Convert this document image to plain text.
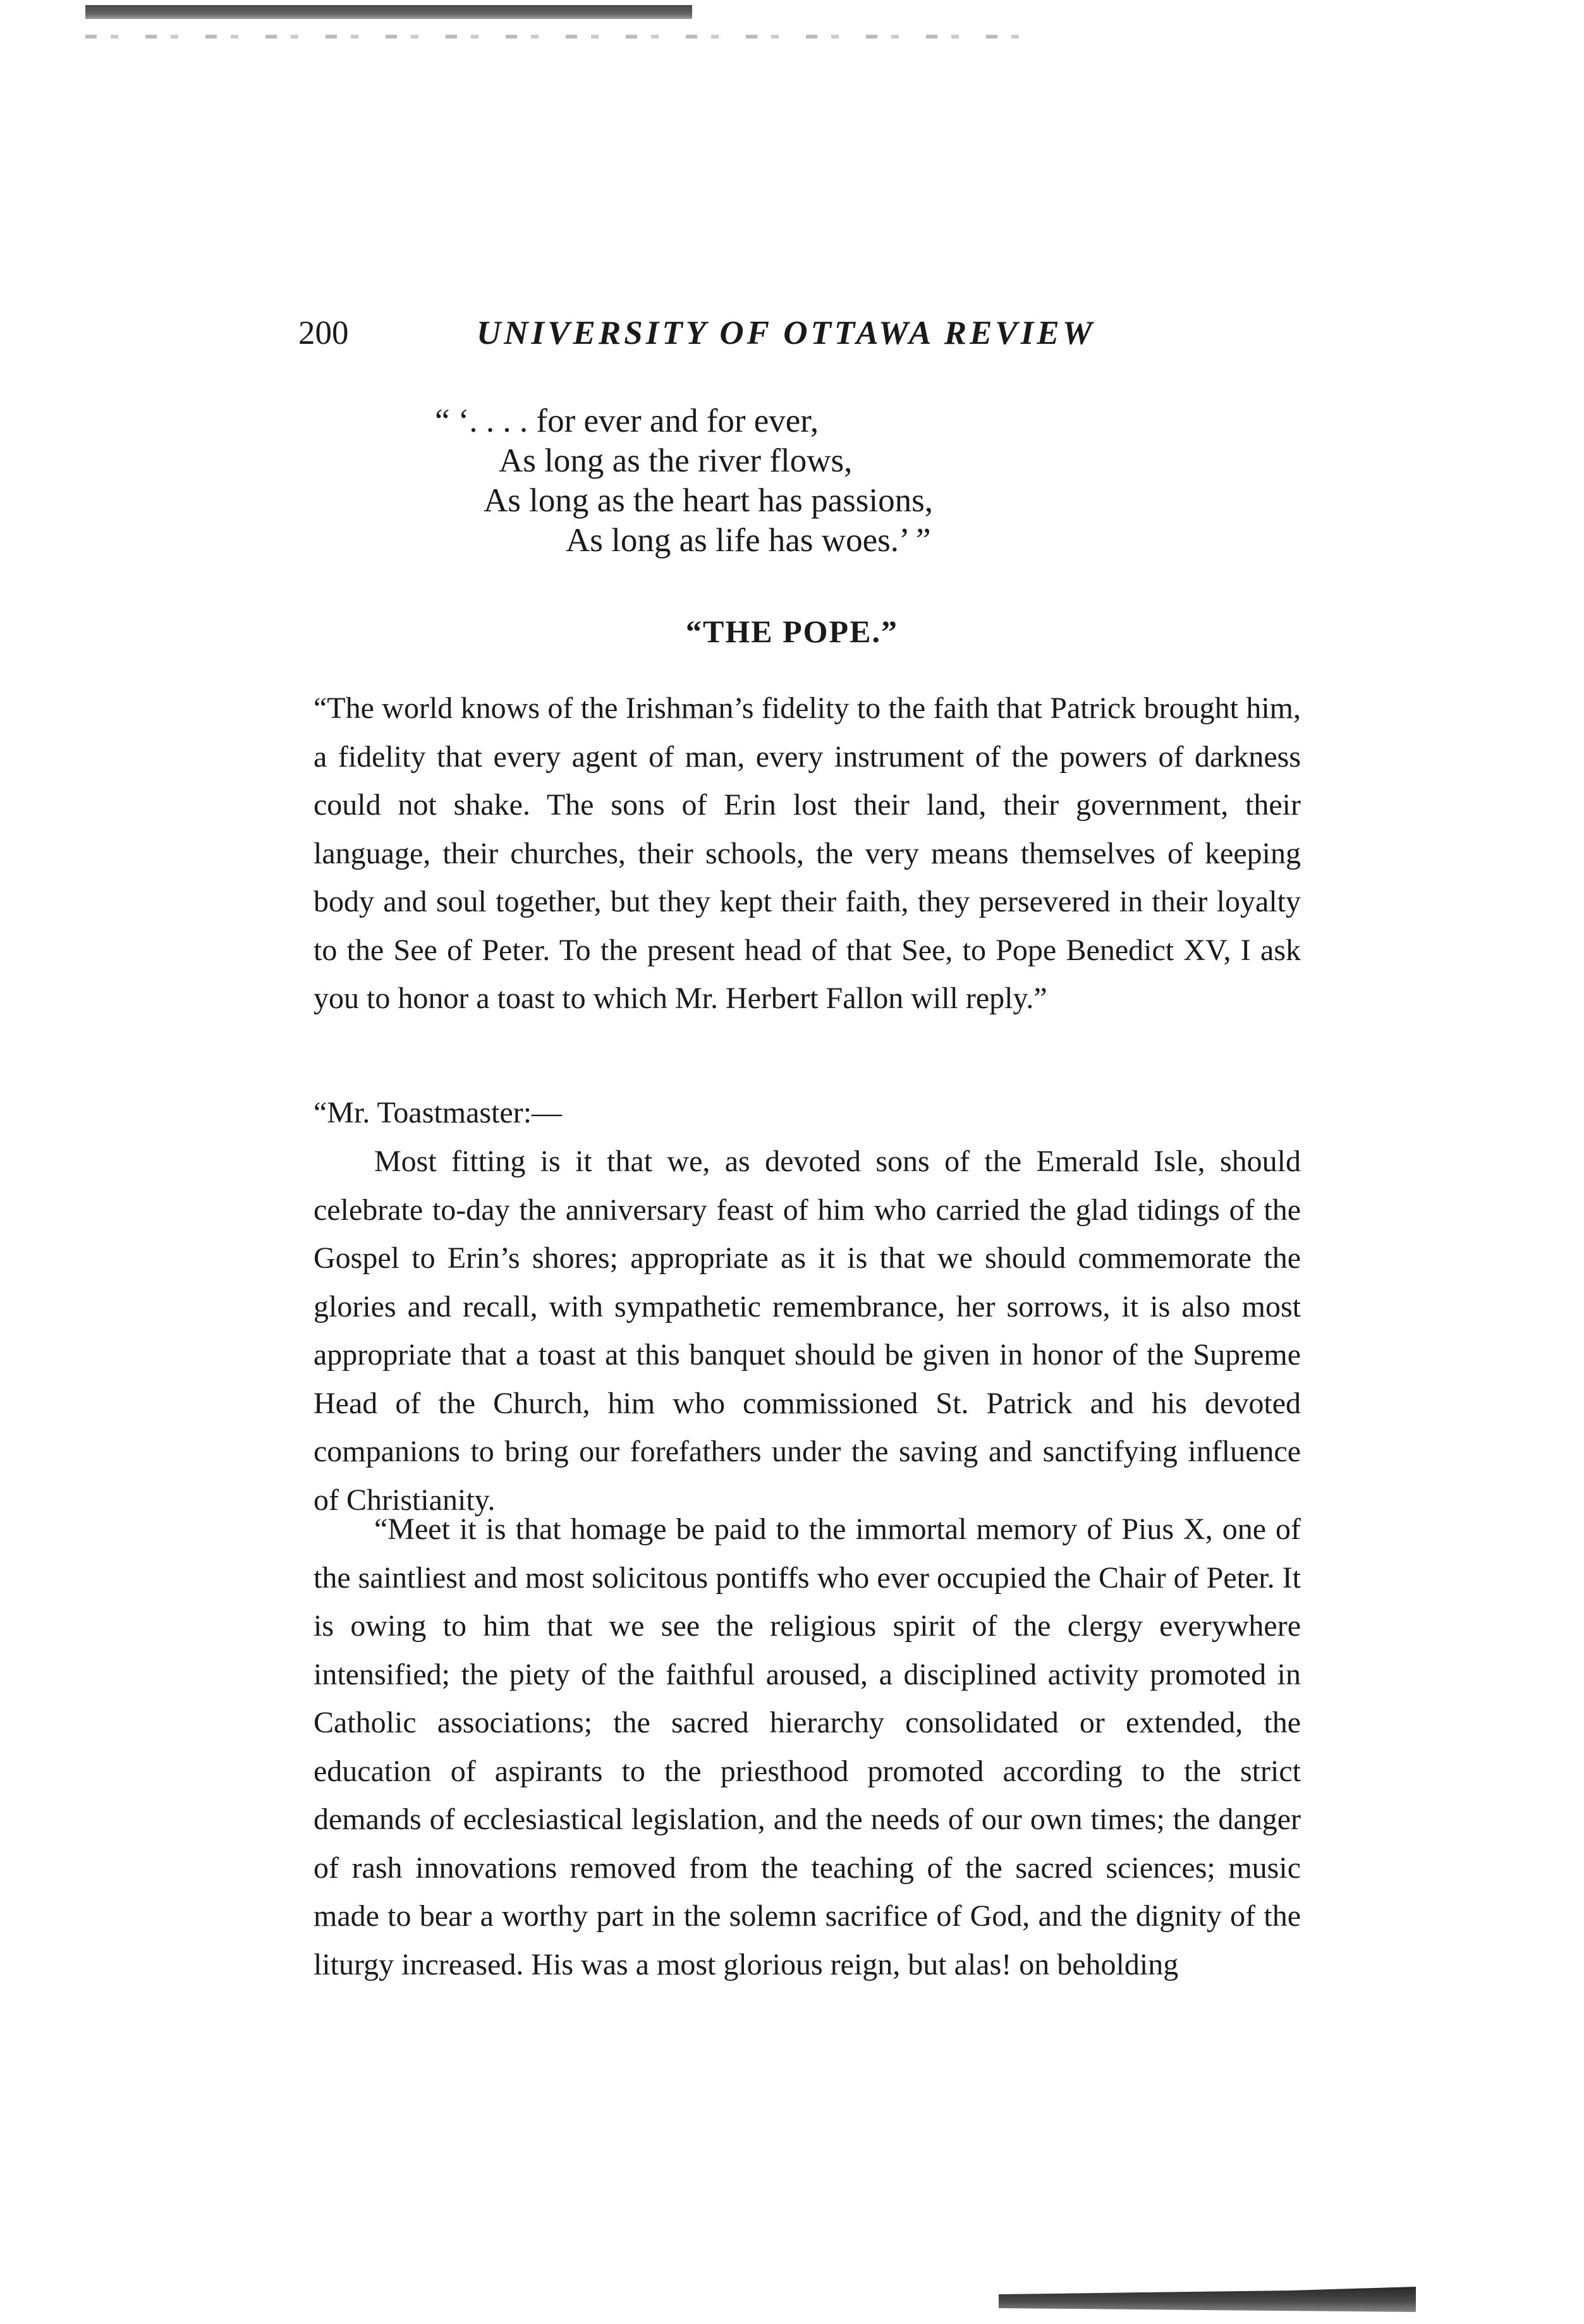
200	UNIVERSITY OF OTTAWA REVIEW
“ ‘. . . . for ever and for ever,
As long as the river flows,
As long as the heart has passions,
As long as life has woes.’ ”
“THE POPE.”
“The world knows of the Irishman’s fidelity to the faith that Patrick brought him, a fidelity that every agent of man, every instrument of the powers of darkness could not shake. The sons of Erin lost their land, their government, their language, their churches, their schools, the very means themselves of keeping body and soul together, but they kept their faith, they persevered in their loyalty to the See of Peter. To the present head of that See, to Pope Benedict XV, I ask you to honor a toast to which Mr. Herbert Fallon will reply.”
“Mr. Toastmaster:—
Most fitting is it that we, as devoted sons of the Emerald Isle, should celebrate to-day the anniversary feast of him who carried the glad tidings of the Gospel to Erin’s shores; appropriate as it is that we should commemorate the glories and recall, with sympathetic remembrance, her sorrows, it is also most appropriate that a toast at this banquet should be given in honor of the Supreme Head of the Church, him who commissioned St. Patrick and his devoted companions to bring our forefathers under the saving and sanctifying influence of Christianity.
“Meet it is that homage be paid to the immortal memory of Pius X, one of the saintliest and most solicitous pontiffs who ever occupied the Chair of Peter. It is owing to him that we see the religious spirit of the clergy everywhere intensified; the piety of the faithful aroused, a disciplined activity promoted in Catholic associations; the sacred hierarchy consolidated or extended, the education of aspirants to the priesthood promoted according to the strict demands of ecclesiastical legislation, and the needs of our own times; the danger of rash innovations removed from the teaching of the sacred sciences; music made to bear a worthy part in the solemn sacrifice of God, and the dignity of the liturgy increased. His was a most glorious reign, but alas! on beholding
